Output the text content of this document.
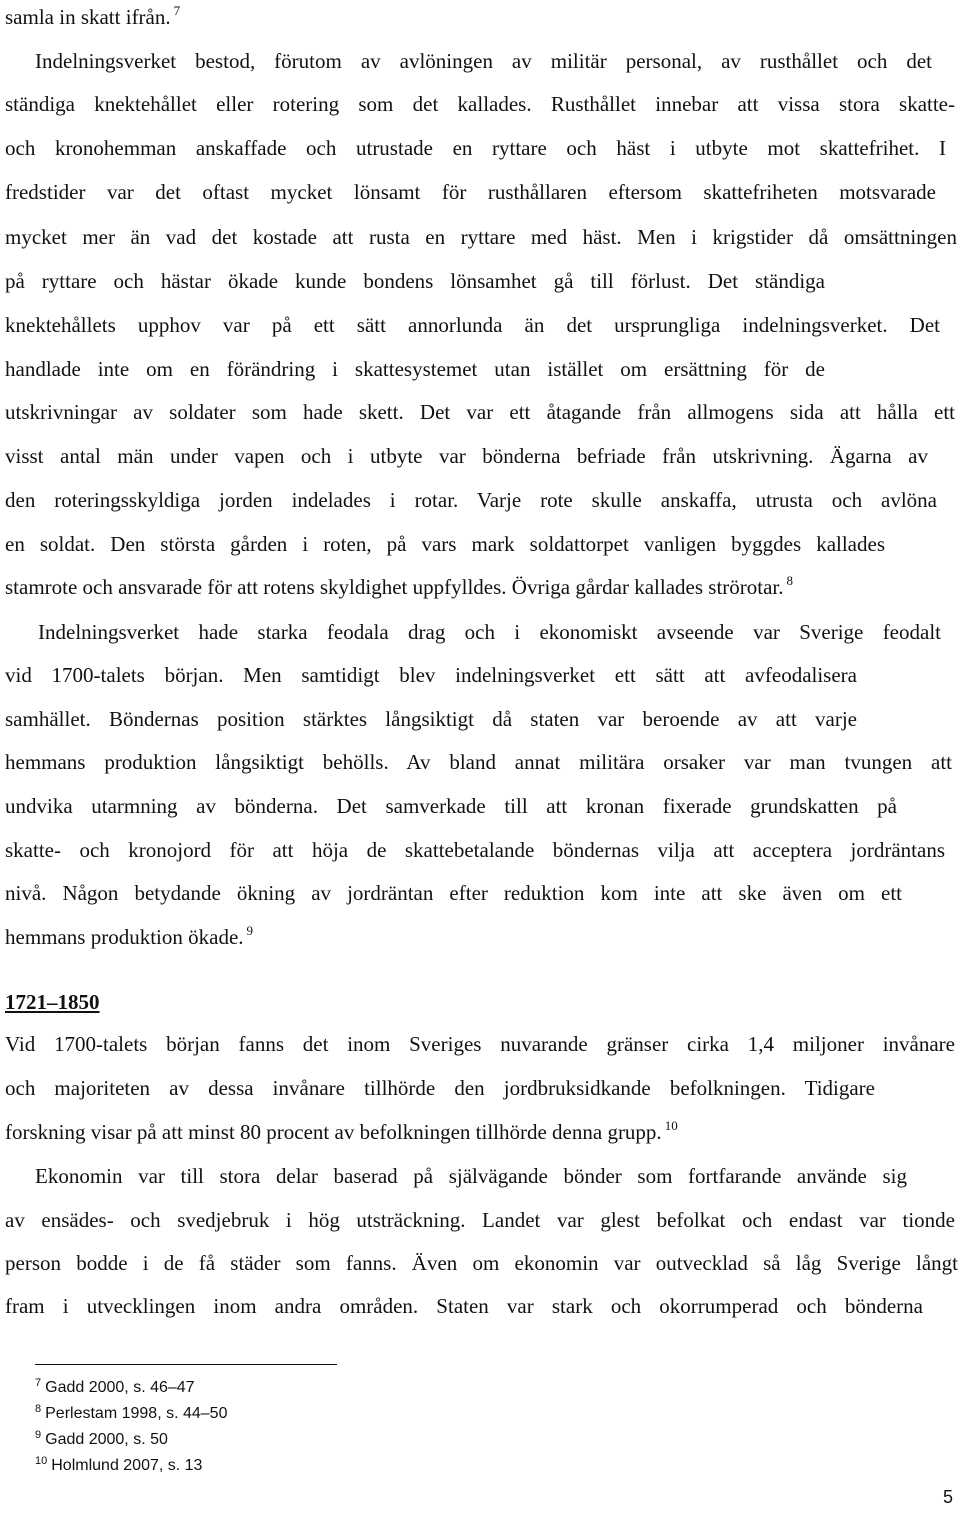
samla in skatt ifrån. $^7$
Indelningsverket bestod, förutom av avlöningen av militär personal, av rusthållet och det
ständiga knektehållet eller rotering som det kallades. Rusthållet innebar att vissa stora skatte-
och kronohemman anskaffade och utrustade en ryttare och häst i utbyte mot skattefrihet. I
fredstider var det oftast mycket lönsamt för rusthållaren eftersom skattefriheten motsvarade
mycket mer än vad det kostade att rusta en ryttare med häst. Men i krigstider då omsättningen
på ryttare och hästar ökade kunde bondens lönsamhet gå till förlust. Det ständiga
knektehållets upphov var på ett sätt annorlunda än det ursprungliga indelningsverket. Det
handlade inte om en förändring i skattesystemet utan istället om ersättning för de
utskrivningar av soldater som hade skett. Det var ett åtagande från allmogens sida att hålla ett
visst antal män under vapen och i utbyte var bönderna befriade från utskrivning. Ägarna av
den roteringsskyldiga jorden indelades i rotar. Varje rote skulle anskaffa, utrusta och avlöna
en soldat. Den största gården i roten, på vars mark soldattorpet vanligen byggdes kallades
stamrote och ansvarade för att rotens skyldighet uppfylldes. Övriga gårdar kallades strörotar. $^8$
Indelningsverket hade starka feodala drag och i ekonomiskt avseende var Sverige feodalt
vid 1700-talets början. Men samtidigt blev indelningsverket ett sätt att avfeodalisera
samhället. Böndernas position stärktes långsiktigt då staten var beroende av att varje
hemmans produktion långsiktigt behölls. Av bland annat militära orsaker var man tvungen att
undvika utarmning av bönderna. Det samverkade till att kronan fixerade grundskatten på
skatte- och kronojord för att höja de skattebetalande böndernas vilja att acceptera jordräntans
nivå. Någon betydande ökning av jordräntan efter reduktion kom inte att ske även om ett
hemmans produktion ökade. $^9$
1721–1850
Vid 1700-talets början fanns det inom Sveriges nuvarande gränser cirka 1,4 miljoner invånare
och majoriteten av dessa invånare tillhörde den jordbruksidkande befolkningen. Tidigare
forskning visar på att minst 80 procent av befolkningen tillhörde denna grupp. $^{10}$
Ekonomin var till stora delar baserad på självägande bönder som fortfarande använde sig
av ensädes- och svedjebruk i hög utsträckning. Landet var glest befolkat och endast var tionde
person bodde i de få städer som fanns. Även om ekonomin var outvecklad så låg Sverige långt
fram i utvecklingen inom andra områden. Staten var stark och okorrumperad och bönderna
$^7$ Gadd 2000, s. 46–47
$^8$ Perlestam 1998, s. 44–50
$^9$ Gadd 2000, s. 50
$^{10}$ Holmlund 2007, s. 13
5
